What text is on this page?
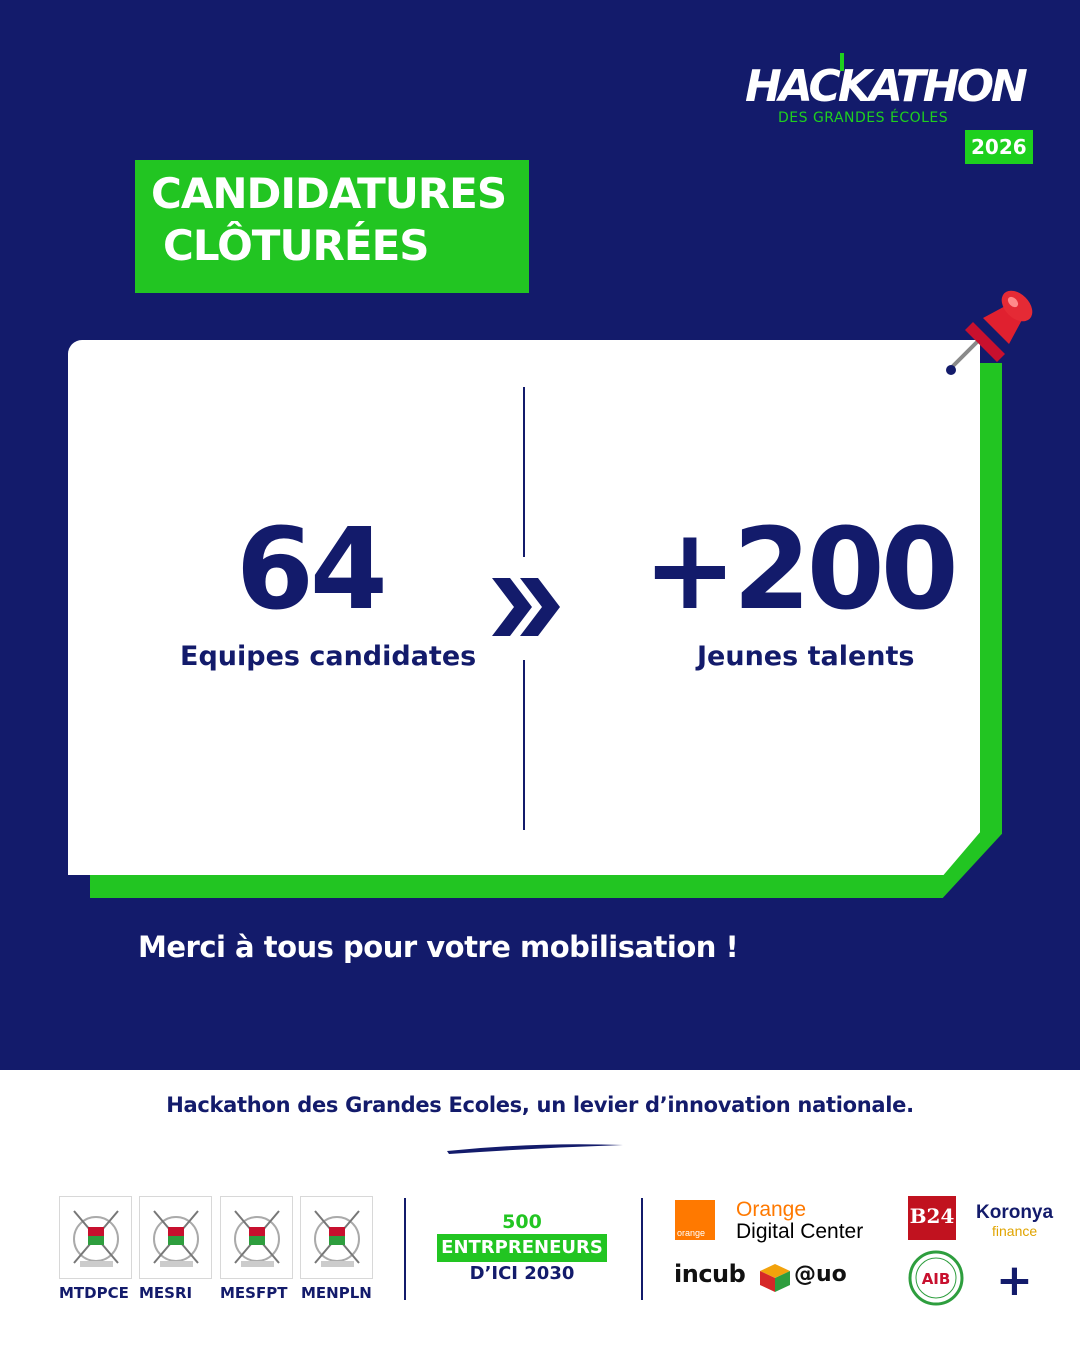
HACKATHON
DES GRANDES ÉCOLES
2026
CANDIDATURES
CLÔTURÉES
64
Equipes candidates
+200
Jeunes talents
Merci à tous pour votre mobilisation !
Hackathon des Grandes Ecoles, un levier d’innovation nationale.
MTDPCE MESRI MESFPT MENPLN
500
ENTRPRENEURS
D’ICI 2030
orange
Orange
Digital Center
incub @uo
B24 Koronya
finance
AIB +
